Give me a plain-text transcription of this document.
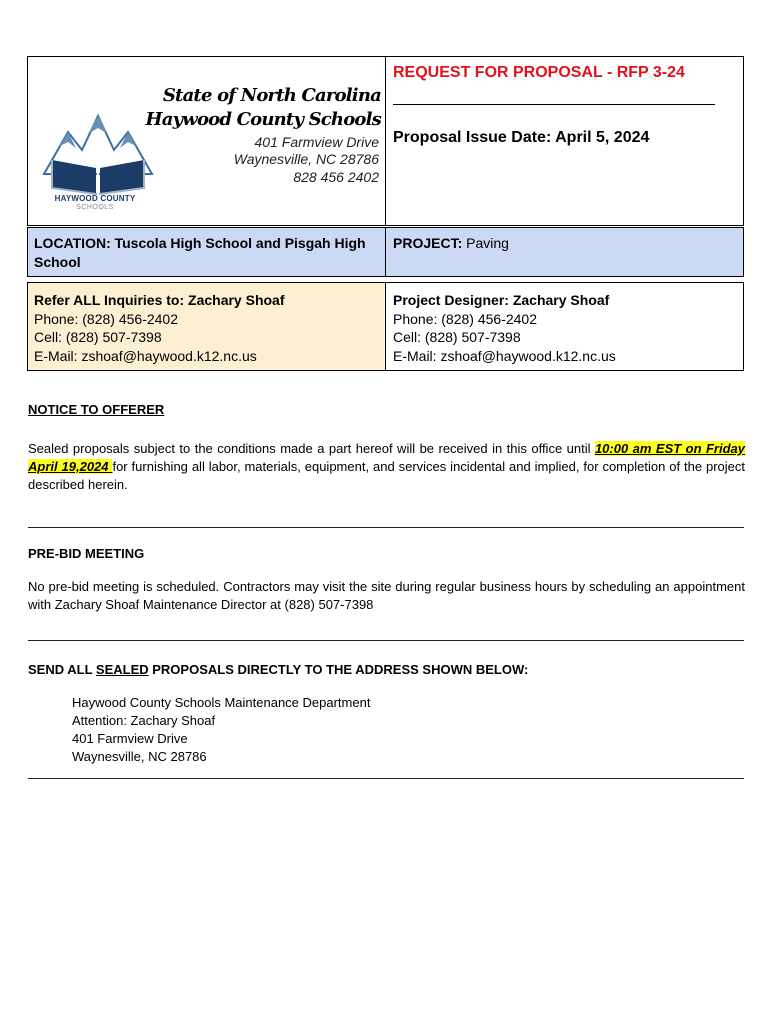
HAYWOOD COUNTY
SCHOOLS
State of North Carolina
Haywood County Schools
401 Farmview Drive
Waynesville, NC 28786
828 456 2402
REQUEST FOR PROPOSAL - RFP 3-24
Proposal Issue Date: April 5, 2024
LOCATION: Tuscola High School and Pisgah High School
PROJECT: Paving
Refer ALL Inquiries to: Zachary Shoaf
Phone: (828) 456-2402
Cell: (828) 507-7398
E-Mail: zshoaf@haywood.k12.nc.us
Project Designer: Zachary Shoaf
Phone: (828) 456-2402
Cell: (828) 507-7398
E-Mail: zshoaf@haywood.k12.nc.us
NOTICE TO OFFERER
Sealed proposals subject to the conditions made a part hereof will be received in this office until 10:00 am EST on Friday April 19,2024 for furnishing all labor, materials, equipment, and services incidental and implied, for completion of the project described herein.
PRE-BID MEETING
No pre-bid meeting is scheduled. Contractors may visit the site during regular business hours by scheduling an appointment with Zachary Shoaf Maintenance Director at (828) 507-7398
SEND ALL SEALED PROPOSALS DIRECTLY TO THE ADDRESS SHOWN BELOW:
Haywood County Schools Maintenance Department
Attention: Zachary Shoaf
401 Farmview Drive
Waynesville, NC 28786
